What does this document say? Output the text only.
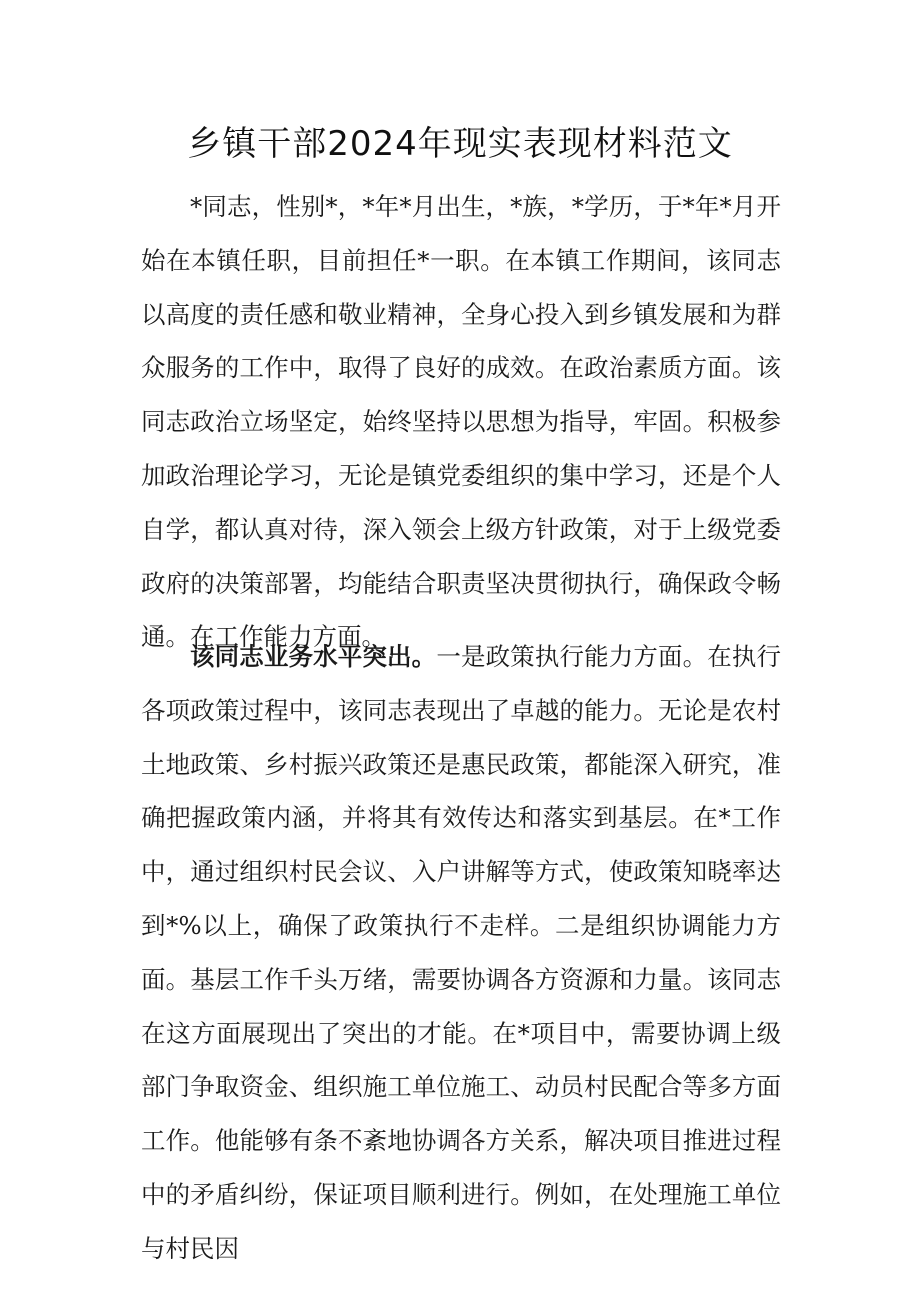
乡镇干部2024年现实表现材料范文
*同志，性别*，*年*月出生，*族，*学历，于*年*月开始在本镇任职，目前担任*一职。在本镇工作期间，该同志以高度的责任感和敬业精神，全身心投入到乡镇发展和为群众服务的工作中，取得了良好的成效。在政治素质方面。该同志政治立场坚定，始终坚持以思想为指导，牢固。积极参加政治理论学习，无论是镇党委组织的集中学习，还是个人自学，都认真对待，深入领会上级方针政策，对于上级党委政府的决策部署，均能结合职责坚决贯彻执行，确保政令畅通。在工作能力方面。
该同志业务水平突出。一是政策执行能力方面。在执行各项政策过程中，该同志表现出了卓越的能力。无论是农村土地政策、乡村振兴政策还是惠民政策，都能深入研究，准确把握政策内涵，并将其有效传达和落实到基层。在*工作中，通过组织村民会议、入户讲解等方式，使政策知晓率达到*%以上，确保了政策执行不走样。二是组织协调能力方面。基层工作千头万绪，需要协调各方资源和力量。该同志在这方面展现出了突出的才能。在*项目中，需要协调上级部门争取资金、组织施工单位施工、动员村民配合等多方面工作。他能够有条不紊地协调各方关系，解决项目推进过程中的矛盾纠纷，保证项目顺利进行。例如，在处理施工单位与村民因
